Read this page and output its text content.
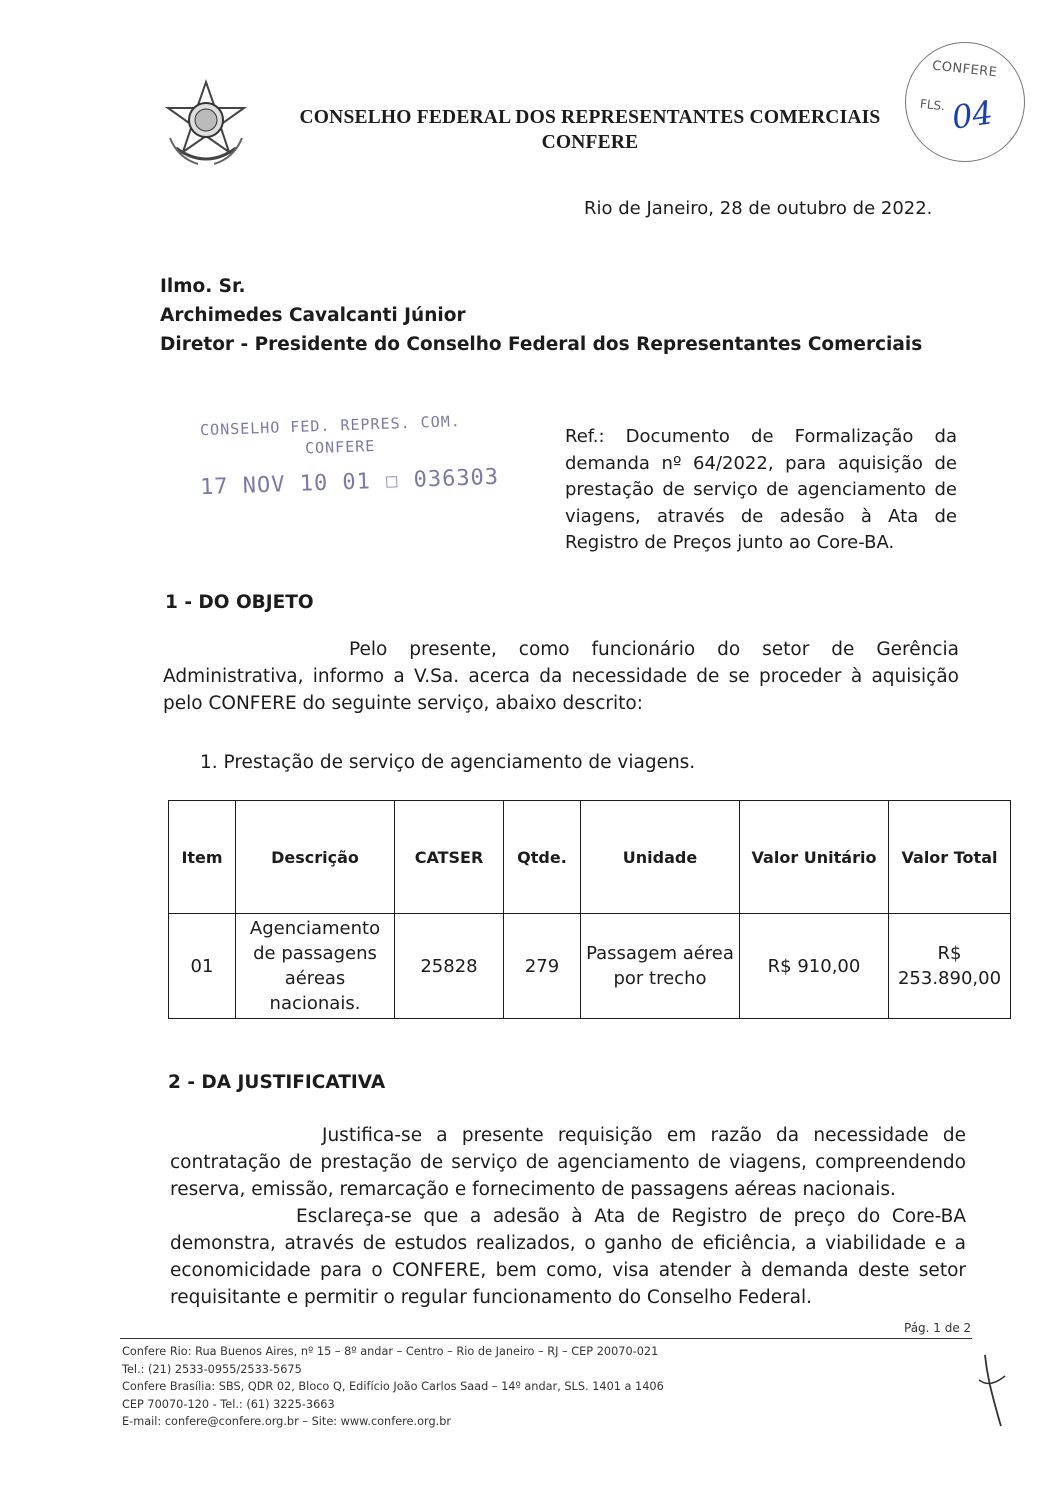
CONSELHO FEDERAL DOS REPRESENTANTES COMERCIAIS
CONFERE
CONFERE
FLS. 04
Rio de Janeiro, 28 de outubro de 2022.
Ilmo. Sr.
Archimedes Cavalcanti Júnior
Diretor - Presidente do Conselho Federal dos Representantes Comerciais
CONSELHO FED. REPRES. COM.
CONFERE
17 NOV 10 01 ☐ 036303
Ref.: Documento de Formalização da demanda nº 64/2022, para aquisição de prestação de serviço de agenciamento de viagens, através de adesão à Ata de Registro de Preços junto ao Core-BA.
1 - DO OBJETO
Pelo presente, como funcionário do setor de Gerência Administrativa, informo a V.Sa. acerca da necessidade de se proceder à aquisição pelo CONFERE do seguinte serviço, abaixo descrito:
1. Prestação de serviço de agenciamento de viagens.
Item	Descrição	CATSER	Qtde.	Unidade	Valor Unitário	Valor Total
01	Agenciamento de passagens aéreas nacionais.	25828	279	Passagem aérea por trecho	R$ 910,00	R$ 253.890,00
2 - DA JUSTIFICATIVA
Justifica-se a presente requisição em razão da necessidade de contratação de prestação de serviço de agenciamento de viagens, compreendendo reserva, emissão, remarcação e fornecimento de passagens aéreas nacionais.
Esclareça-se que a adesão à Ata de Registro de preço do Core-BA demonstra, através de estudos realizados, o ganho de eficiência, a viabilidade e a economicidade para o CONFERE, bem como, visa atender à demanda deste setor requisitante e permitir o regular funcionamento do Conselho Federal.
Pág. 1 de 2
Confere Rio: Rua Buenos Aires, nº 15 – 8º andar – Centro – Rio de Janeiro – RJ – CEP 20070-021
Tel.: (21) 2533-0955/2533-5675
Confere Brasília: SBS, QDR 02, Bloco Q, Edifício João Carlos Saad – 14º andar, SLS. 1401 a 1406
CEP 70070-120 - Tel.: (61) 3225-3663
E-mail: confere@confere.org.br – Site: www.confere.org.br
